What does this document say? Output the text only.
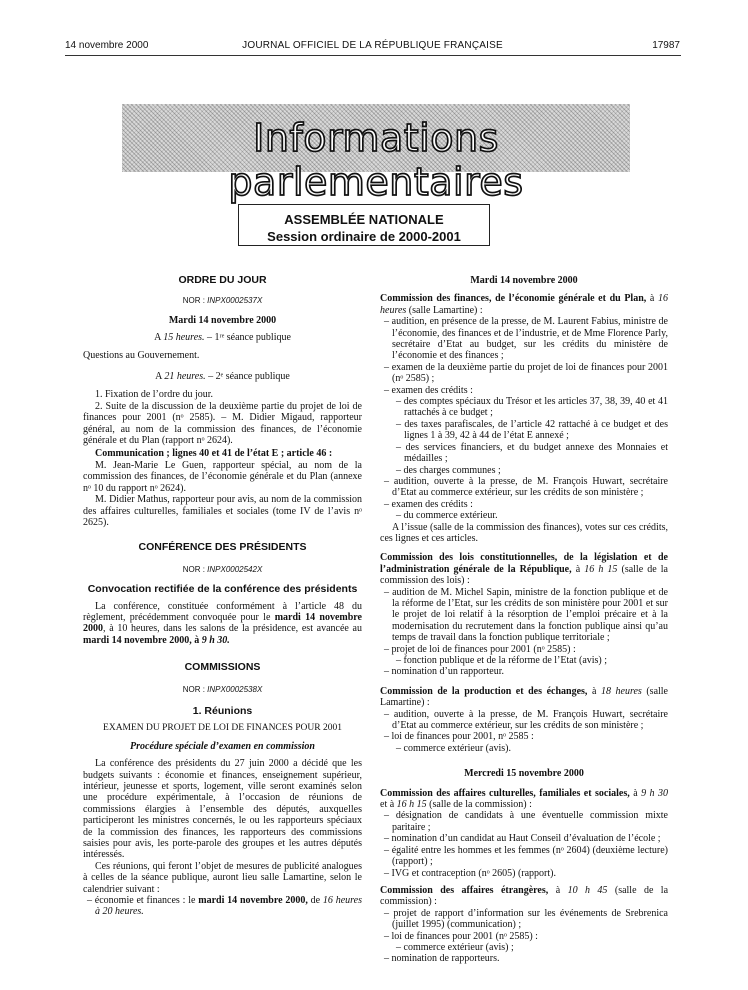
14 novembre 2000	JOURNAL OFFICIEL DE LA RÉPUBLIQUE FRANÇAISE	17987
Informations parlementaires
ASSEMBLÉE NATIONALE
Session ordinaire de 2000-2001

ORDRE DU JOUR

NOR : INPX0002537X

Mardi 14 novembre 2000

A 15 heures. – 1ʳᵉ séance publique

Questions au Gouvernement.

A 21 heures. – 2ᵉ séance publique

1. Fixation de l’ordre du jour.

2. Suite de la discussion de la deuxième partie du projet de loi de finances pour 2001 (nᵒ 2585). – M. Didier Migaud, rapporteur général, au nom de la commission des finances, de l’économie générale et du Plan (rapport nᵒ 2624).

Communication ; lignes 40 et 41 de l’état E ; article 46 :

M. Jean-Marie Le Guen, rapporteur spécial, au nom de la commission des finances, de l’économie générale et du Plan (annexe nᵒ 10 du rapport nᵒ 2624).

M. Didier Mathus, rapporteur pour avis, au nom de la commission des affaires culturelles, familiales et sociales (tome IV de l’avis nᵒ 2625).

CONFÉRENCE DES PRÉSIDENTS

NOR : INPX0002542X

Convocation rectifiée de la conférence des présidents

La conférence, constituée conformément à l’article 48 du règlement, précédemment convoquée pour le mardi 14 novembre 2000, à 10 heures, dans les salons de la présidence, est avancée au mardi 14 novembre 2000, à 9 h 30.

COMMISSIONS

NOR : INPX0002538X

1. Réunions

EXAMEN DU PROJET DE LOI DE FINANCES POUR 2001

Procédure spéciale d’examen en commission

La conférence des présidents du 27 juin 2000 a décidé que les budgets suivants : économie et finances, enseignement supérieur, intérieur, jeunesse et sports, logement, ville seront examinés selon une procédure expérimentale, à l’occasion de réunions de commissions élargies à l’ensemble des députés, auxquelles participeront les ministres concernés, le ou les rapporteurs spéciaux de la commission des finances, les rapporteurs des commissions saisies pour avis, les porte-parole des groupes et les autres députés intéressés.

Ces réunions, qui feront l’objet de mesures de publicité analogues à celles de la séance publique, auront lieu salle Lamartine, selon le calendrier suivant :

– économie et finances : le mardi 14 novembre 2000, de 16 heures à 20 heures.

Mardi 14 novembre 2000

Commission des finances, de l’économie générale et du Plan, à 16 heures (salle Lamartine) :

– audition, en présence de la presse, de M. Laurent Fabius, ministre de l’économie, des finances et de l’industrie, et de Mme Florence Parly, secrétaire d’Etat au budget, sur les crédits du ministère de l’économie et des finances ;

– examen de la deuxième partie du projet de loi de finances pour 2001 (nᵒ 2585) ;

– examen des crédits :

– des comptes spéciaux du Trésor et les articles 37, 38, 39, 40 et 41 rattachés à ce budget ;

– des taxes parafiscales, de l’article 42 rattaché à ce budget et des lignes 1 à 39, 42 à 44 de l’état E annexé ;

– des services financiers, et du budget annexe des Monnaies et médailles ;

– des charges communes ;

– audition, ouverte à la presse, de M. François Huwart, secrétaire d’Etat au commerce extérieur, sur les crédits de son ministère ;

– examen des crédits :

– du commerce extérieur.

A l’issue (salle de la commission des finances), votes sur ces crédits, ces lignes et ces articles.

Commission des lois constitutionnelles, de la législation et de l’administration générale de la République, à 16 h 15 (salle de la commission des lois) :

– audition de M. Michel Sapin, ministre de la fonction publique et de la réforme de l’Etat, sur les crédits de son ministère pour 2001 et sur le projet de loi relatif à la résorption de l’emploi précaire et à la modernisation du recrutement dans la fonction publique ainsi qu’au temps de travail dans la fonction publique territoriale ;

– projet de loi de finances pour 2001 (nᵒ 2585) :

– fonction publique et de la réforme de l’Etat (avis) ;

– nomination d’un rapporteur.

Commission de la production et des échanges, à 18 heures (salle Lamartine) :

– audition, ouverte à la presse, de M. François Huwart, secrétaire d’Etat au commerce extérieur, sur les crédits de son ministère ;

– loi de finances pour 2001, nᵒ 2585 :

– commerce extérieur (avis).

Mercredi 15 novembre 2000

Commission des affaires culturelles, familiales et sociales, à 9 h 30 et à 16 h 15 (salle de la commission) :

– désignation de candidats à une éventuelle commission mixte paritaire ;

– nomination d’un candidat au Haut Conseil d’évaluation de l’école ;

– égalité entre les hommes et les femmes (nᵒ 2604) (deuxième lecture) (rapport) ;

– IVG et contraception (nᵒ 2605) (rapport).

Commission des affaires étrangères, à 10 h 45 (salle de la commission) :

– projet de rapport d’information sur les événements de Srebrenica (juillet 1995) (communication) ;

– loi de finances pour 2001 (nᵒ 2585) :

– commerce extérieur (avis) ;

– nomination de rapporteurs.
